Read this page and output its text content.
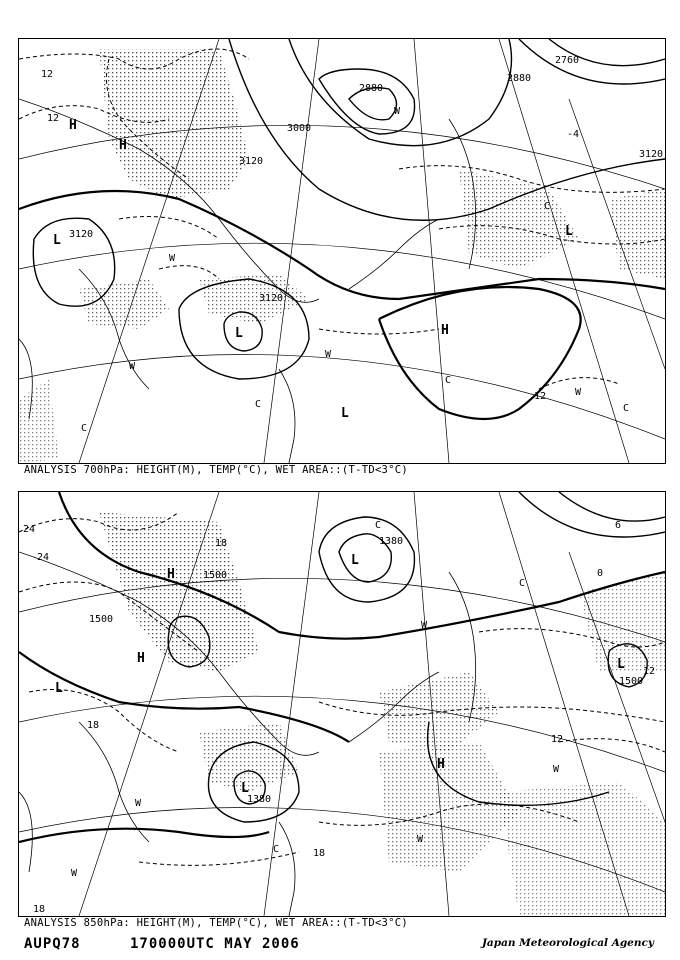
3000
3120
3120
3120
3120
2880
2880
2760
12
12
12
-4
L
L
L
L
H
H
H
W
W
W
W
W
C
C
C
C	C
ANALYSIS 700hPa: HEIGHT(M), TEMP(°C), WET AREA::(T-TD<3°C)
1500
1500
1500
1380
1380
24
24
18
18
18
18
12
12
6
0
L
L
L
L
H
H
H
W
W
W
W
W
C
C
C
ANALYSIS 850hPa: HEIGHT(M), TEMP(°C), WET AREA::(T-TD<3°C)
AUPQ78	170000UTC MAY 2006	Japan Meteorological Agency
